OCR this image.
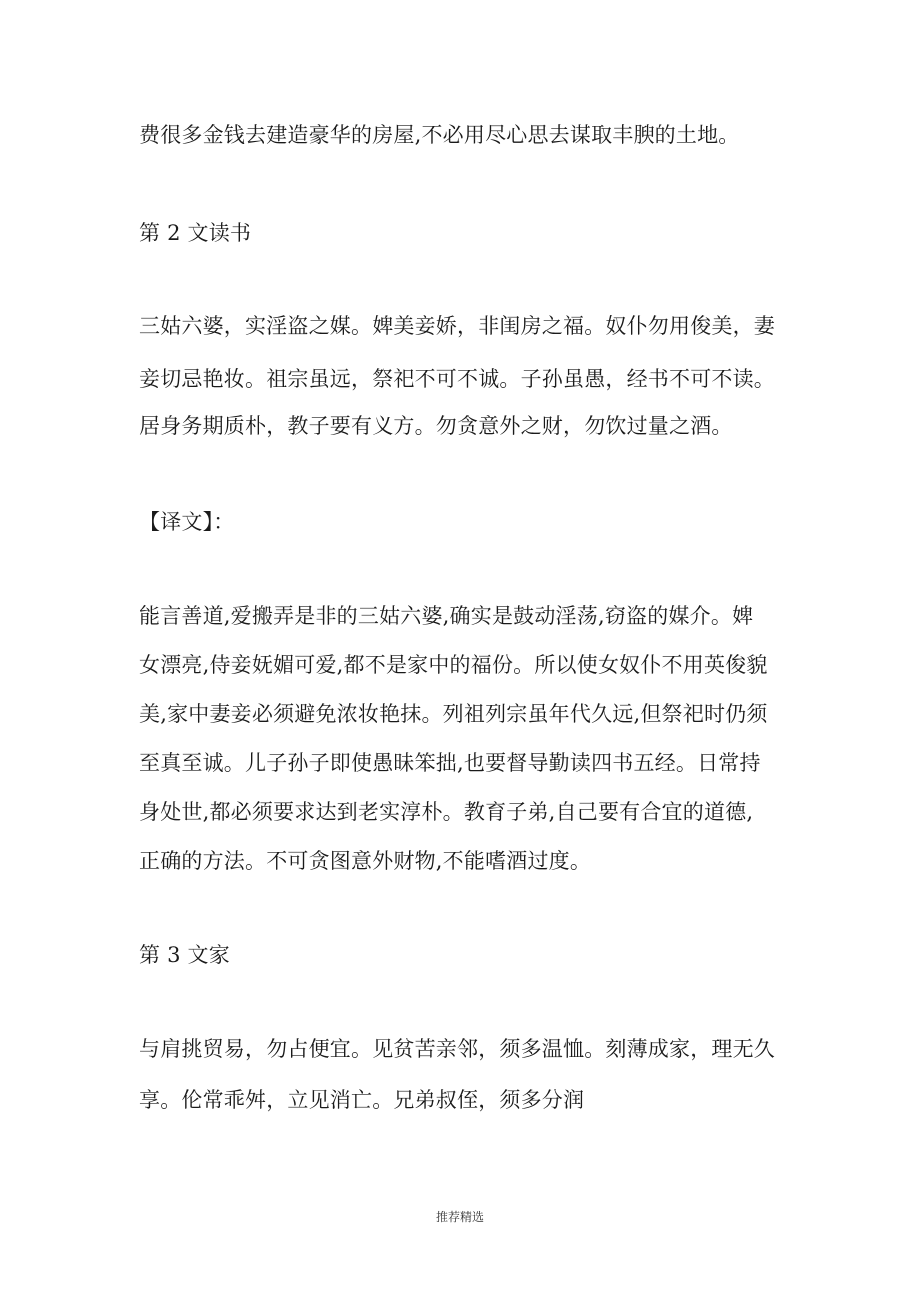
费很多金钱去建造豪华的房屋,不必用尽心思去谋取丰腴的土地。
第 2 文读书
三姑六婆，实淫盗之媒。婢美妾娇，非闺房之福。奴仆勿用俊美，妻
妾切忌艳妆。祖宗虽远，祭祀不可不诚。子孙虽愚，经书不可不读。
居身务期质朴，教子要有义方。勿贪意外之财，勿饮过量之酒。
【译文】：
能言善道,爱搬弄是非的三姑六婆,确实是鼓动淫荡,窃盗的媒介。婢
女漂亮,侍妾妩媚可爱,都不是家中的福份。所以使女奴仆不用英俊貌
美,家中妻妾必须避免浓妆艳抹。列祖列宗虽年代久远,但祭祀时仍须
至真至诚。儿子孙子即使愚昧笨拙,也要督导勤读四书五经。日常持
身处世,都必须要求达到老实淳朴。教育子弟,自己要有合宜的道德,
正确的方法。不可贪图意外财物,不能嗜酒过度。
第 3 文家
与肩挑贸易，勿占便宜。见贫苦亲邻，须多温恤。刻薄成家，理无久
享。伦常乖舛，立见消亡。兄弟叔侄，须多分润
推荐精选
